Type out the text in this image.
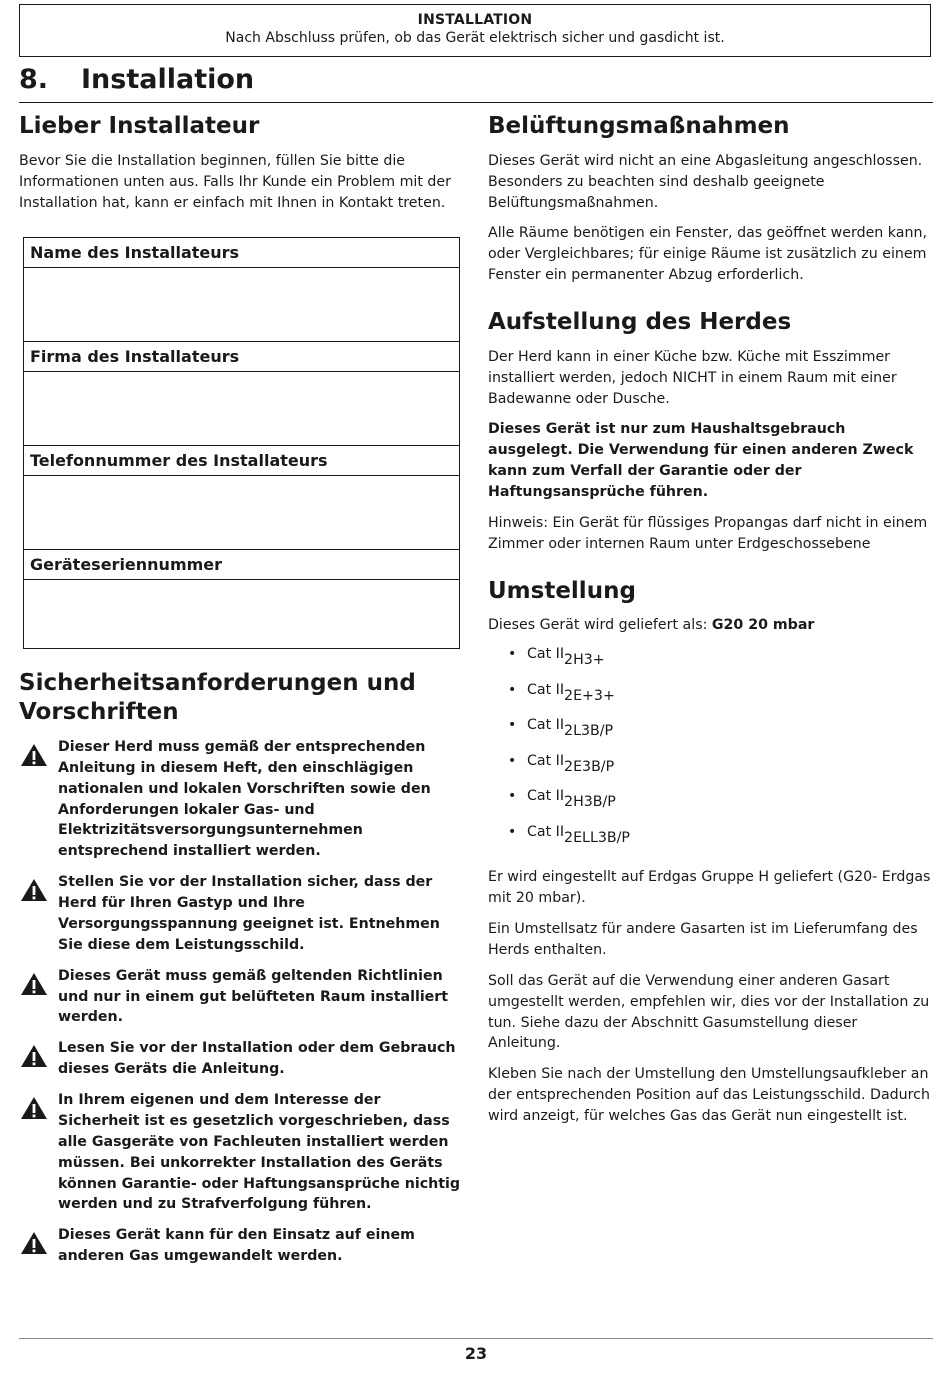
INSTALLATION
Nach Abschluss prüfen, ob das Gerät elektrisch sicher und gasdicht ist.
8. Installation
Lieber Installateur

Bevor Sie die Installation beginnen, füllen Sie bitte die Informationen unten aus. Falls Ihr Kunde ein Problem mit der Installation hat, kann er einfach mit Ihnen in Kontakt treten.

Name des Installateurs
Firma des Installateurs
Telefonnummer des Installateurs
Geräteseriennummer
Sicherheitsanforderungen und Vorschriften

Dieser Herd muss gemäß der entsprechenden Anleitung in diesem Heft, den einschlägigen nationalen und lokalen Vorschriften sowie den Anforderungen lokaler Gas- und Elektrizitätsversorgungsunternehmen entsprechend installiert werden.

Stellen Sie vor der Installation sicher, dass der Herd für Ihren Gastyp und Ihre Versorgungsspannung geeignet ist. Entnehmen Sie diese dem Leistungsschild.

Dieses Gerät muss gemäß geltenden Richtlinien und nur in einem gut belüfteten Raum installiert werden.

Lesen Sie vor der Installation oder dem Gebrauch dieses Geräts die Anleitung.

In Ihrem eigenen und dem Interesse der Sicherheit ist es gesetzlich vorgeschrieben, dass alle Gasgeräte von Fachleuten installiert werden müssen. Bei unkorrekter Installation des Geräts können Garantie- oder Haftungsansprüche nichtig werden und zu Strafverfolgung führen.

Dieses Gerät kann für den Einsatz auf einem anderen Gas umgewandelt werden.

Belüftungsmaßnahmen

Dieses Gerät wird nicht an eine Abgasleitung angeschlossen. Besonders zu beachten sind deshalb geeignete Belüftungsmaßnahmen.

Alle Räume benötigen ein Fenster, das geöffnet werden kann, oder Vergleichbares; für einige Räume ist zusätzlich zu einem Fenster ein permanenter Abzug erforderlich.

Aufstellung des Herdes

Der Herd kann in einer Küche bzw. Küche mit Esszimmer installiert werden, jedoch NICHT in einem Raum mit einer Badewanne oder Dusche.

Dieses Gerät ist nur zum Haushaltsgebrauch ausgelegt. Die Verwendung für einen anderen Zweck kann zum Verfall der Garantie oder der Haftungsansprüche führen.

Hinweis: Ein Gerät für flüssiges Propangas darf nicht in einem Zimmer oder internen Raum unter Erdgeschossebene

Umstellung

Dieses Gerät wird geliefert als: G20 20 mbar

• Cat $II_{2H3+}$
• Cat $II_{2E+3+}$
• Cat $II_{2L3B/P}$
• Cat $II_{2E3B/P}$
• Cat $II_{2H3B/P}$
• Cat $II_{2ELL3B/P}$

Er wird eingestellt auf Erdgas Gruppe H geliefert (G20- Erdgas mit 20 mbar).

Ein Umstellsatz für andere Gasarten ist im Lieferumfang des Herds enthalten.

Soll das Gerät auf die Verwendung einer anderen Gasart umgestellt werden, empfehlen wir, dies vor der Installation zu tun. Siehe dazu der Abschnitt Gasumstellung dieser Anleitung.

Kleben Sie nach der Umstellung den Umstellungsaufkleber an der entsprechenden Position auf das Leistungsschild. Dadurch wird anzeigt, für welches Gas das Gerät nun eingestellt ist.

23
